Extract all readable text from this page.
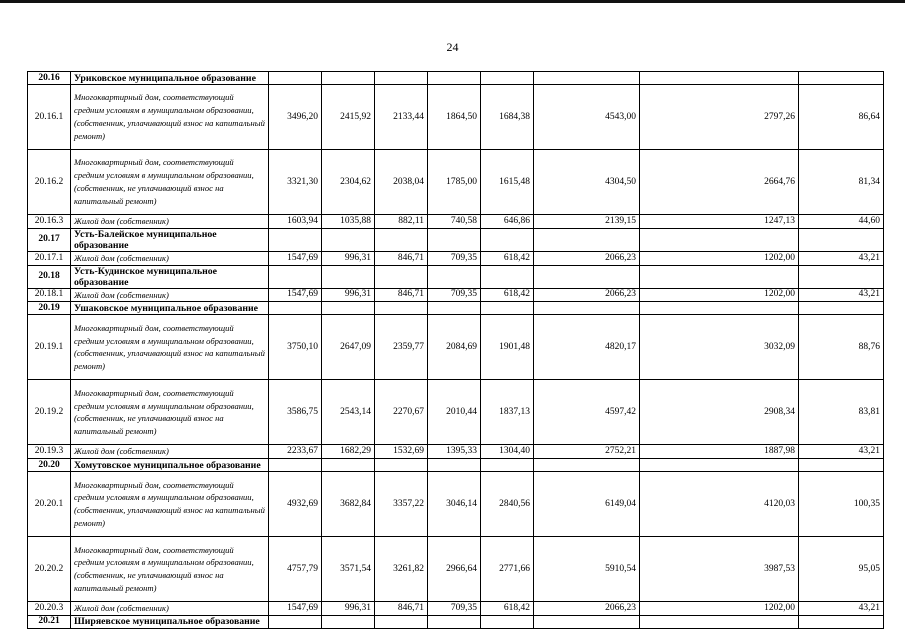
24
20.16	Уриковское муниципальное образование								
20.16.1	Многоквартирный дом, соответствующий средним условиям в муниципальном образовании, (собственник, уплачивающий взнос на капитальный ремонт)	3496,20	2415,92	2133,44	1864,50	1684,38	4543,00	2797,26	86,64
20.16.2	Многоквартирный дом, соответствующий средним условиям в муниципальном образовании, (собственник, не уплачивающий взнос на капитальный ремонт)	3321,30	2304,62	2038,04	1785,00	1615,48	4304,50	2664,76	81,34
20.16.3	Жилой дом (собственник)	1603,94	1035,88	882,11	740,58	646,86	2139,15	1247,13	44,60
20.17	Усть-Балейское муниципальное образование								
20.17.1	Жилой дом (собственник)	1547,69	996,31	846,71	709,35	618,42	2066,23	1202,00	43,21
20.18	Усть-Кудинское муниципальное образование								
20.18.1	Жилой дом (собственник)	1547,69	996,31	846,71	709,35	618,42	2066,23	1202,00	43,21
20.19	Ушаковское муниципальное образование								
20.19.1	Многоквартирный дом, соответствующий средним условиям в муниципальном образовании, (собственник, уплачивающий взнос на капитальный ремонт)	3750,10	2647,09	2359,77	2084,69	1901,48	4820,17	3032,09	88,76
20.19.2	Многоквартирный дом, соответствующий средним условиям в муниципальном образовании, (собственник, не уплачивающий взнос на капитальный ремонт)	3586,75	2543,14	2270,67	2010,44	1837,13	4597,42	2908,34	83,81
20.19.3	Жилой дом (собственник)	2233,67	1682,29	1532,69	1395,33	1304,40	2752,21	1887,98	43,21
20.20	Хомутовское муниципальное образование								
20.20.1	Многоквартирный дом, соответствующий средним условиям в муниципальном образовании, (собственник, уплачивающий взнос на капитальный ремонт)	4932,69	3682,84	3357,22	3046,14	2840,56	6149,04	4120,03	100,35
20.20.2	Многоквартирный дом, соответствующий средним условиям в муниципальном образовании, (собственник, не уплачивающий взнос на капитальный ремонт)	4757,79	3571,54	3261,82	2966,64	2771,66	5910,54	3987,53	95,05
20.20.3	Жилой дом (собственник)	1547,69	996,31	846,71	709,35	618,42	2066,23	1202,00	43,21
20.21	Ширяевское муниципальное образование								
